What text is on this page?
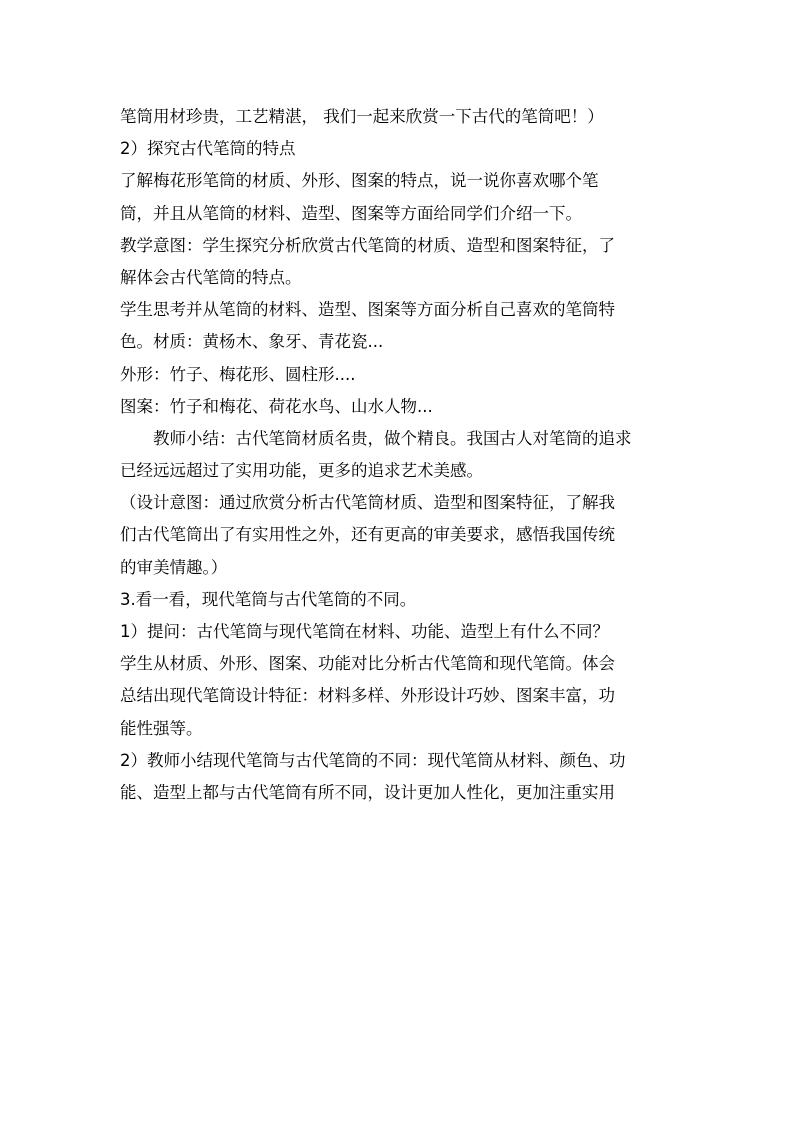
笔筒用材珍贵，工艺精湛， 我们一起来欣赏一下古代的笔筒吧！）

2）探究古代笔筒的特点

了解梅花形笔筒的材质、外形、图案的特点，说一说你喜欢哪个笔

筒，并且从笔筒的材料、造型、图案等方面给同学们介绍一下。

教学意图：学生探究分析欣赏古代笔筒的材质、造型和图案特征，了

解体会古代笔筒的特点。

学生思考并从笔筒的材料、造型、图案等方面分析自己喜欢的笔筒特

色。材质：黄杨木、象牙、青花瓷...

外形：竹子、梅花形、圆柱形....

图案：竹子和梅花、荷花水鸟、山水人物...

教师小结：古代笔筒材质名贵，做个精良。我国古人对笔筒的追求

已经远远超过了实用功能，更多的追求艺术美感。

（设计意图：通过欣赏分析古代笔筒材质、造型和图案特征，了解我

们古代笔筒出了有实用性之外，还有更高的审美要求，感悟我国传统

的审美情趣。）

3.看一看，现代笔筒与古代笔筒的不同。

1）提问：古代笔筒与现代笔筒在材料、功能、造型上有什么不同？

学生从材质、外形、图案、功能对比分析古代笔筒和现代笔筒。体会

总结出现代笔筒设计特征：材料多样、外形设计巧妙、图案丰富，功

能性强等。

2）教师小结现代笔筒与古代笔筒的不同：现代笔筒从材料、颜色、功

能、造型上都与古代笔筒有所不同，设计更加人性化，更加注重实用
